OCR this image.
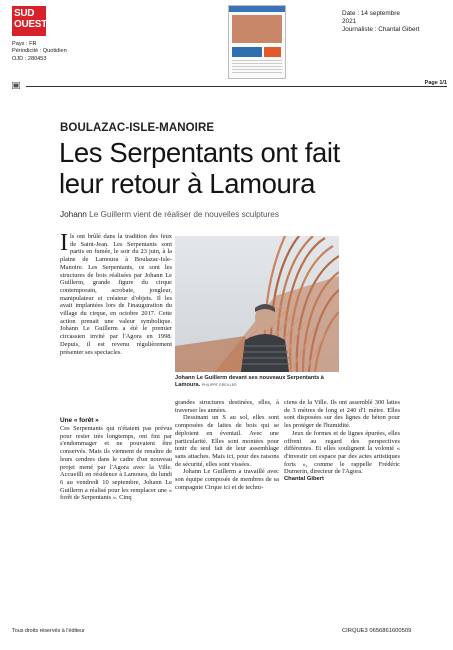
SUD
OUEST
Pays : FR
Périodicité : Quotidien
OJD : 280453
Date : 14 septembre
2021
Journaliste : Chantal Gibert
Page 1/1
BOULAZAC-ISLE-MANOIRE
Les Serpentants ont fait
leur retour à Lamoura
Johann Le Guillerm vient de réaliser de nouvelles sculptures
Ils ont brûlé dans la tradition des feux de Saint-Jean. Les Serpentants sont partis en fumée, le soir du 23 juin, à la plaine de Lamoura à Boulazac-Isle-Manoire. Les Serpentants, ce sont les structures de bois réalisées par Johann Le Guillerm, grande figure du cirque contemporain, acrobate, jongleur, manipulateur et créateur d'objets. Il les avait implantées lors de l'inauguration du village du cirque, en octobre 2017. Cette action prenait une valeur symbolique. Johann Le Guillerm a été le premier circassien invité par l'Agora en 1998. Depuis, il est revenu régulièrement présenter ses spectacles.
Johann Le Guillerm devant ses nouveaux Serpentants à Lamoura. PHILIPPE GREILLER
Une « forêt »

Ces Serpentants qui n'étaient pas prévus pour rester très longtemps, ont fini par s'endommager et ne pouvaient être conservés. Mais ils viennent de renaître de leurs cendres dans le cadre d'un nouveau projet mené par l'Agora avec la Ville. Accueilli en résidence à Lamoura, du lundi 6 au vendredi 10 septembre, Johann Le Guillerm a réalisé pour les remplacer une « forêt de Serpentants ». Cinq

grandes structures destinées, elles, à traverser les années.

Dessinant un S au sol, elles sont composées de lattes de bois qui se déploient en éventail. Avec une particularité. Elles sont montées pour tenir du seul fait de leur assemblage sans attaches. Mais ici, pour des raisons de sécurité, elles sont vissées.

Johann Le Guillerm a travaillé avec son équipe composée de membres de sa compagnie Cirque ici et de techni-

ciens de la Ville. Ils ont assemblé 300 lattes de 3 mètres de long et 240 d'1 mètre. Elles sont disposées sur des lignes de béton pour les protéger de l'humidité.

Jeux de formes et de lignes épurées, elles offrent au regard des perspectives différentes. Et elles soulignent la volonté « d'investir cet espace par des actes artistiques forts », comme le rappelle Frédéric Durnerin, directeur de l'Agora.

Chantal Gibert

Tous droits réservés à l'éditeur	CIRQUE3 0656861600509
